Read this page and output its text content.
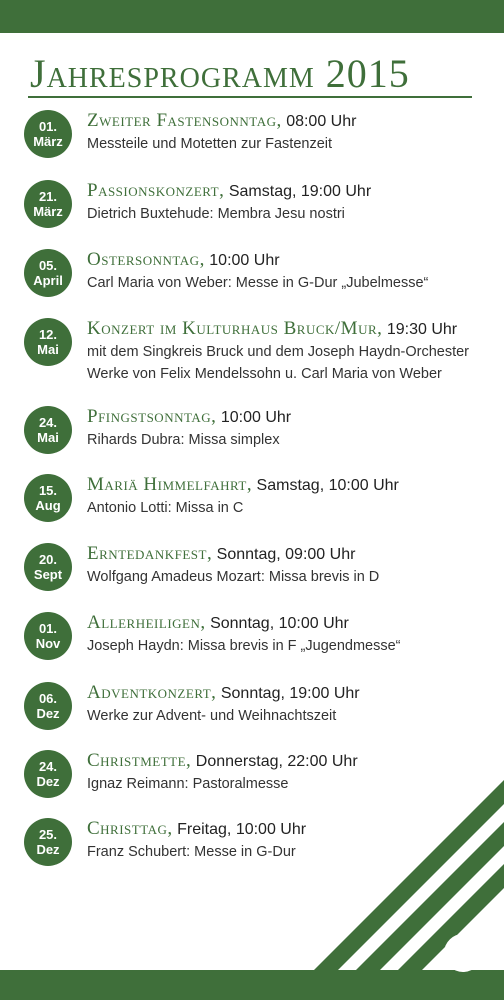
Jahresprogramm 2015
01.
März
Zweiter Fastensonntag, 08:00 Uhr
Messteile und Motetten zur Fastenzeit
21.
März
Passionskonzert, Samstag, 19:00 Uhr
Dietrich Buxtehude: Membra Jesu nostri
05.
April
Ostersonntag, 10:00 Uhr
Carl Maria von Weber: Messe in G-Dur „Jubelmesse“
12.
Mai
Konzert im Kulturhaus Bruck/Mur, 19:30 Uhr
mit dem Singkreis Bruck und dem Joseph Haydn-Orchester
Werke von Felix Mendelssohn u. Carl Maria von Weber
24.
Mai
Pfingstsonntag, 10:00 Uhr
Rihards Dubra: Missa simplex
15.
Aug
Mariä Himmelfahrt, Samstag, 10:00 Uhr
Antonio Lotti: Missa in C
20.
Sept
Erntedankfest, Sonntag, 09:00 Uhr
Wolfgang Amadeus Mozart: Missa brevis in D
01.
Nov
Allerheiligen, Sonntag, 10:00 Uhr
Joseph Haydn: Missa brevis in F „Jugendmesse“
06.
Dez
Adventkonzert, Sonntag, 19:00 Uhr
Werke zur Advent- und Weihnachtszeit
24.
Dez
Christmette, Donnerstag, 22:00 Uhr
Ignaz Reimann: Pastoralmesse
25.
Dez
Christtag, Freitag, 10:00 Uhr
Franz Schubert: Messe in G-Dur
